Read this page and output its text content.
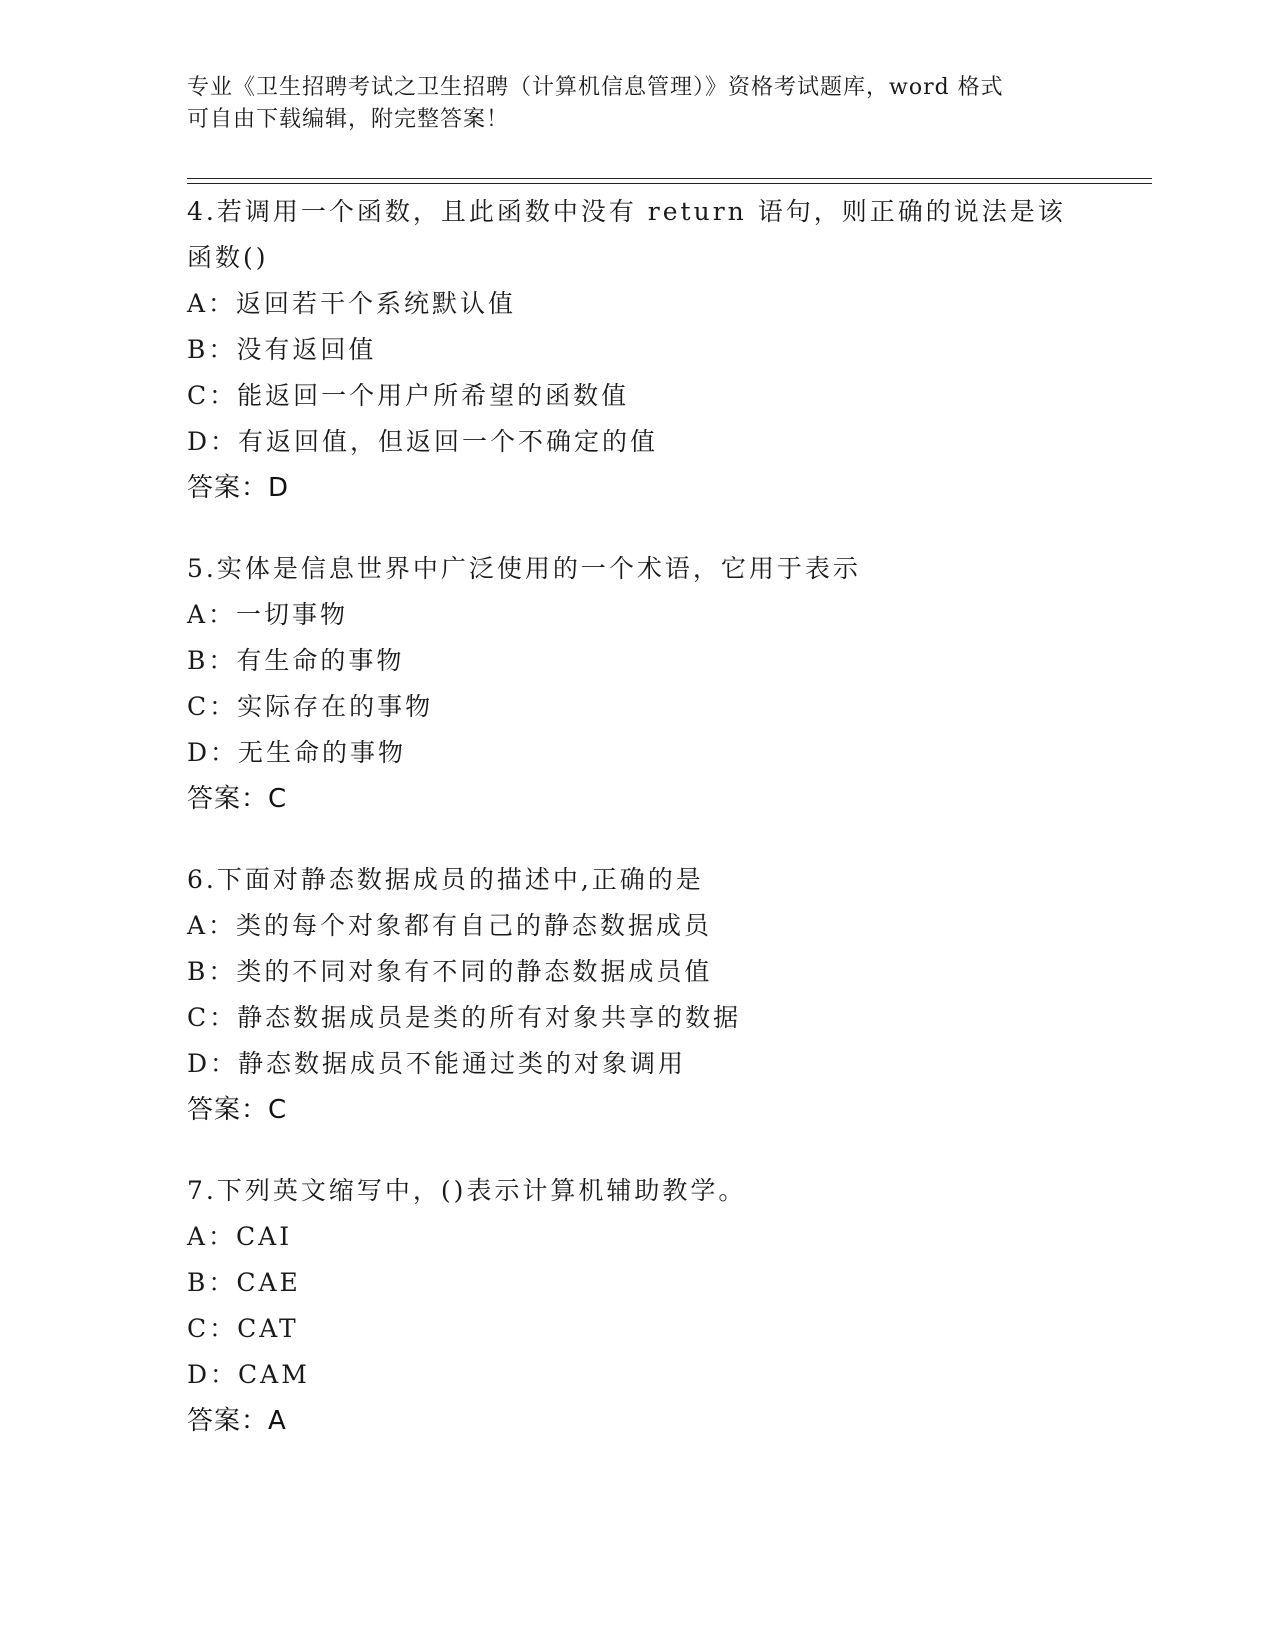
专业《卫生招聘考试之卫生招聘（计算机信息管理）》资格考试题库，word 格式
可自由下载编辑，附完整答案！
4.若调用一个函数，且此函数中没有 return 语句，则正确的说法是该
函数()
A：返回若干个系统默认值
B：没有返回值
C：能返回一个用户所希望的函数值
D：有返回值，但返回一个不确定的值
答案：D
5.实体是信息世界中广泛使用的一个术语，它用于表示
A：一切事物
B：有生命的事物
C：实际存在的事物
D：无生命的事物
答案：C
6.下面对静态数据成员的描述中,正确的是
A：类的每个对象都有自己的静态数据成员
B：类的不同对象有不同的静态数据成员值
C：静态数据成员是类的所有对象共享的数据
D：静态数据成员不能通过类的对象调用
答案：C
7.下列英文缩写中，()表示计算机辅助教学。
A：CAI
B：CAE
C：CAT
D：CAM
答案：A
